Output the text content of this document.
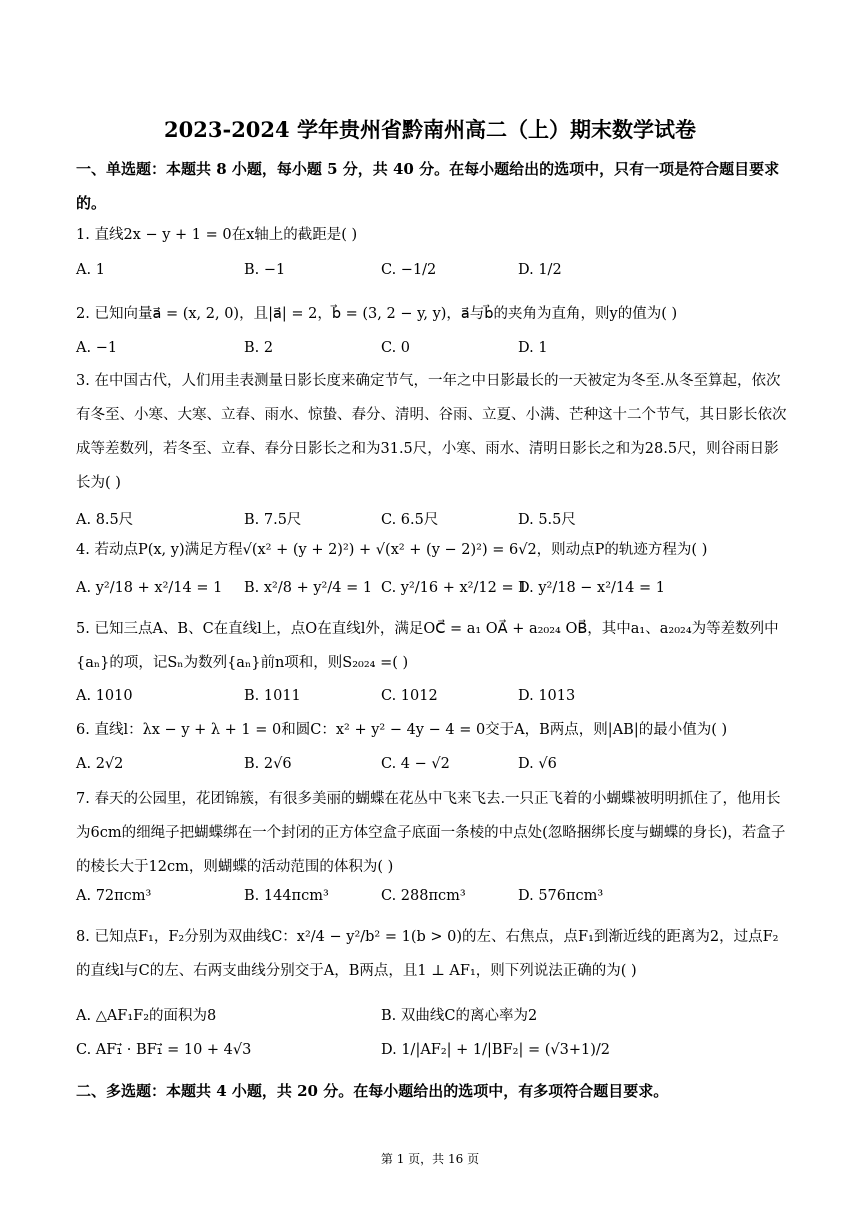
2023-2024 学年贵州省黔南州高二（上）期末数学试卷
一、单选题：本题共 8 小题，每小题 5 分，共 40 分。在每小题给出的选项中，只有一项是符合题目要求的。
1. 直线2x − y + 1 = 0在x轴上的截距是( )
A. 1	B. −1	C. −1/2	D. 1/2
2. 已知向量a⃗ = (x, 2, 0)，且|a⃗| = 2，b⃗ = (3, 2 − y, y)，a⃗与b⃗的夹角为直角，则y的值为( )
A. −1	B. 2	C. 0	D. 1
3. 在中国古代，人们用圭表测量日影长度来确定节气，一年之中日影最长的一天被定为冬至.从冬至算起，依次有冬至、小寒、大寒、立春、雨水、惊蛰、春分、清明、谷雨、立夏、小满、芒种这十二个节气，其日影长依次成等差数列，若冬至、立春、春分日影长之和为31.5尺，小寒、雨水、清明日影长之和为28.5尺，则谷雨日影长为( )
A. 8.5尺	B. 7.5尺	C. 6.5尺	D. 5.5尺
4. 若动点P(x, y)满足方程√(x² + (y + 2)²) + √(x² + (y − 2)²) = 6√2，则动点P的轨迹方程为( )
A. y²/18 + x²/14 = 1 B. x²/8 + y²/4 = 1 C. y²/16 + x²/12 = 1
D. y²/18 − x²/14 = 1
5. 已知三点A、B、C在直线l上，点O在直线l外，满足OC⃗ = a₁ OA⃗ + a₂₀₂₄ OB⃗，其中a₁、a₂₀₂₄为等差数列中{aₙ}的项，记Sₙ为数列{aₙ}前n项和，则S₂₀₂₄ =( )
A. 1010	B. 1011	C. 1012	D. 1013
6. 直线l：λx − y + λ + 1 = 0和圆C：x² + y² − 4y − 4 = 0交于A，B两点，则|AB|的最小值为( )
A. 2√2	B. 2√6	C. 4 − √2	D. √6
7. 春天的公园里，花团锦簇，有很多美丽的蝴蝶在花丛中飞来飞去.一只正飞着的小蝴蝶被明明抓住了，他用长为6cm的细绳子把蝴蝶绑在一个封闭的正方体空盒子底面一条棱的中点处(忽略捆绑长度与蝴蝶的身长)，若盒子的棱长大于12cm，则蝴蝶的活动范围的体积为( )
A. 72πcm³	B. 144πcm³	C. 288πcm³	D. 576πcm³
8. 已知点F₁，F₂分别为双曲线C：x²/4 − y²/b² = 1(b > 0)的左、右焦点，点F₁到渐近线的距离为2，过点F₂的直线l与C的左、右两支曲线分别交于A，B两点，且1 ⊥ AF₁，则下列说法正确的为( )
A. △AF₁F₂的面积为8	B. 双曲线C的离心率为2
C. AF₁⃗ · BF₁⃗ = 10 + 4√3	D. 1/|AF₂| + 1/|BF₂| = (√3+1)/2
二、多选题：本题共 4 小题，共 20 分。在每小题给出的选项中，有多项符合题目要求。
第 1 页，共 16 页
